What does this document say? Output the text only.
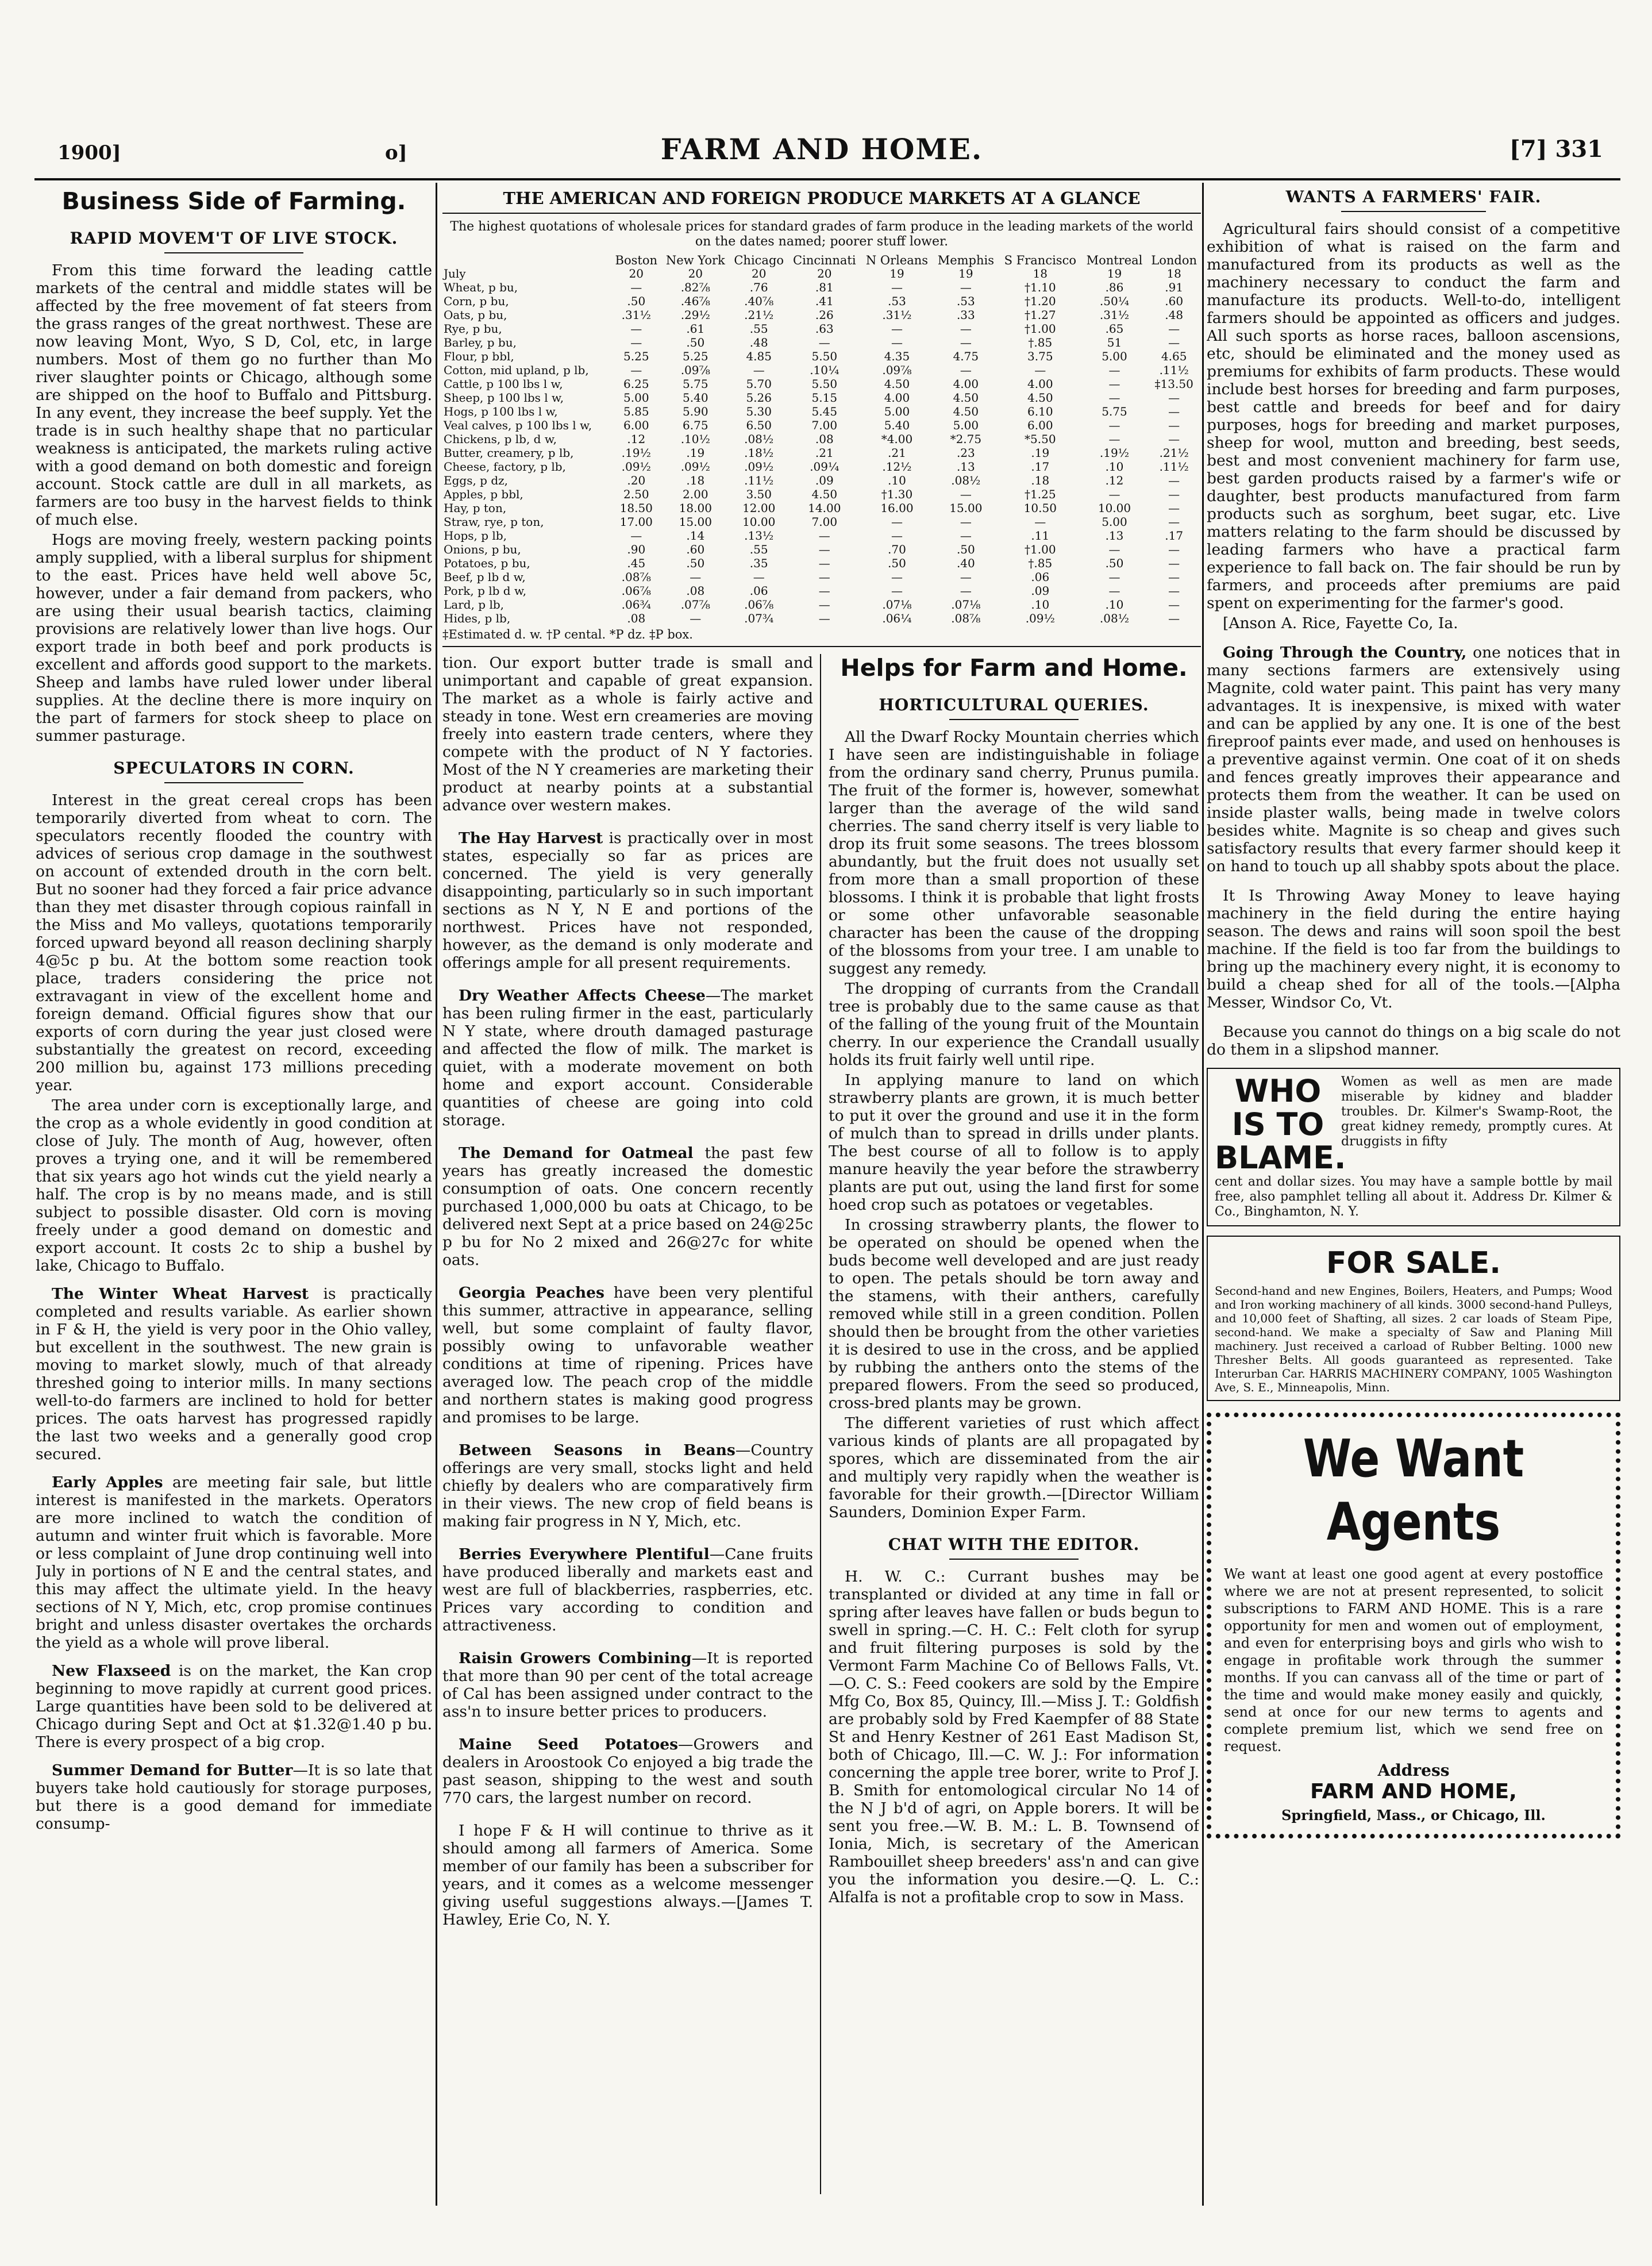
1900]	o]	FARM AND HOME.	[7] 331
Business Side of Farming.
RAPID MOVEM'T OF LIVE STOCK.

From this time forward the leading cattle markets of the central and middle states will be affected by the free movement of fat steers from the grass ranges of the great northwest. These are now leaving Mont, Wyo, S D, Col, etc, in large numbers. Most of them go no further than Mo river slaughter points or Chicago, although some are shipped on the hoof to Buffalo and Pittsburg. In any event, they increase the beef supply. Yet the trade is in such healthy shape that no particular weakness is anticipated, the markets ruling active with a good demand on both domestic and foreign account. Stock cattle are dull in all markets, as farmers are too busy in the harvest fields to think of much else.

Hogs are moving freely, western packing points amply supplied, with a liberal surplus for shipment to the east. Prices have held well above 5c, however, under a fair demand from packers, who are using their usual bearish tactics, claiming provisions are relatively lower than live hogs. Our export trade in both beef and pork products is excellent and affords good support to the markets. Sheep and lambs have ruled lower under liberal supplies. At the decline there is more inquiry on the part of farmers for stock sheep to place on summer pasturage.

SPECULATORS IN CORN.

Interest in the great cereal crops has been temporarily diverted from wheat to corn. The speculators recently flooded the country with advices of serious crop damage in the southwest on account of extended drouth in the corn belt. But no sooner had they forced a fair price advance than they met disaster through copious rainfall in the Miss and Mo valleys, quotations temporarily forced upward beyond all reason declining sharply 4@5c p bu. At the bottom some reaction took place, traders considering the price not extravagant in view of the excellent home and foreign demand. Official figures show that our exports of corn during the year just closed were substantially the greatest on record, exceeding 200 million bu, against 173 millions preceding year.

The area under corn is exceptionally large, and the crop as a whole evidently in good condition at close of July. The month of Aug, however, often proves a trying one, and it will be remembered that six years ago hot winds cut the yield nearly a half. The crop is by no means made, and is still subject to possible disaster. Old corn is moving freely under a good demand on domestic and export account. It costs 2c to ship a bushel by lake, Chicago to Buffalo.

The Winter Wheat Harvest is practically completed and results variable. As earlier shown in F & H, the yield is very poor in the Ohio valley, but excellent in the southwest. The new grain is moving to market slowly, much of that already threshed going to interior mills. In many sections well-to-do farmers are inclined to hold for better prices. The oats harvest has progressed rapidly the last two weeks and a generally good crop secured.

Early Apples are meeting fair sale, but little interest is manifested in the markets. Operators are more inclined to watch the condition of autumn and winter fruit which is favorable. More or less complaint of June drop continuing well into July in portions of N E and the central states, and this may affect the ultimate yield. In the heavy sections of N Y, Mich, etc, crop promise continues bright and unless disaster overtakes the orchards the yield as a whole will prove liberal.

New Flaxseed is on the market, the Kan crop beginning to move rapidly at current good prices. Large quantities have been sold to be delivered at Chicago during Sept and Oct at $1.32@1.40 p bu. There is every prospect of a big crop.

Summer Demand for Butter—It is so late that buyers take hold cautiously for storage purposes, but there is a good demand for immediate consump-

THE AMERICAN AND FOREIGN PRODUCE MARKETS AT A GLANCE
The highest quotations of wholesale prices for standard grades of farm produce in the leading markets of the world on the dates named; poorer stuff lower.
	Boston	New York	Chicago	Cincinnati	N Orleans	Memphis	S Francisco	Montreal	London
July	20	20	20	20	19	19	18	19	18
Wheat, p bu,	—	.82⅞	.76	.81	—	—	†1.10	.86	.91
Corn, p bu,	.50	.46⅞	.40⅞	.41	.53	.53	†1.20	.50¼	.60
Oats, p bu,	.31½	.29½	.21½	.26	.31½	.33	†1.27	.31½	.48
Rye, p bu,	—	.61	.55	.63	—	—	†1.00	.65	—
Barley, p bu,	—	.50	.48	—	—	—	†.85	51	—
Flour, p bbl,	5.25	5.25	4.85	5.50	4.35	4.75	3.75	5.00	4.65
Cotton, mid upland, p lb,	—	.09⅞	—	.10¼	.09⅞	—	—	—	.11½
Cattle, p 100 lbs l w,	6.25	5.75	5.70	5.50	4.50	4.00	4.00	—	‡13.50
Sheep, p 100 lbs l w,	5.00	5.40	5.26	5.15	4.00	4.50	4.50	—	—
Hogs, p 100 lbs l w,	5.85	5.90	5.30	5.45	5.00	4.50	6.10	5.75	—
Veal calves, p 100 lbs l w,	6.00	6.75	6.50	7.00	5.40	5.00	6.00	—	—
Chickens, p lb, d w,	.12	.10½	.08½	.08	*4.00	*2.75	*5.50	—	—
Butter, creamery, p lb,	.19½	.19	.18½	.21	.21	.23	.19	.19½	.21½
Cheese, factory, p lb,	.09½	.09½	.09½	.09¼	.12½	.13	.17	.10	.11½
Eggs, p dz,	.20	.18	.11½	.09	.10	.08½	.18	.12	—
Apples, p bbl,	2.50	2.00	3.50	4.50	†1.30	—	†1.25	—	—
Hay, p ton,	18.50	18.00	12.00	14.00	16.00	15.00	10.50	10.00	—
Straw, rye, p ton,	17.00	15.00	10.00	7.00	—	—	—	5.00	—
Hops, p lb,	—	.14	.13½	—	—	—	.11	.13	.17
Onions, p bu,	.90	.60	.55	—	.70	.50	†1.00	—	—
Potatoes, p bu,	.45	.50	.35	—	.50	.40	†.85	.50	—
Beef, p lb d w,	.08⅞	—	—	—	—	—	.06	—	—
Pork, p lb d w,	.06⅞	.08	.06	—	—	—	.09	—	—
Lard, p lb,	.06¾	.07⅞	.06⅞	—	.07⅛	.07⅛	.10	.10	—
Hides, p lb,	.08	—	.07¾	—	.06¼	.08⅞	.09½	.08½	—
‡Estimated d. w. †P cental. *P dz. ‡P box.

tion. Our export butter trade is small and unimportant and capable of great expansion. The market as a whole is fairly active and steady in tone. West ern creameries are moving freely into eastern trade centers, where they compete with the product of N Y factories. Most of the N Y creameries are marketing their product at nearby points at a substantial advance over western makes.

The Hay Harvest is practically over in most states, especially so far as prices are concerned. The yield is very generally disappointing, particularly so in such important sections as N Y, N E and portions of the northwest. Prices have not responded, however, as the demand is only moderate and offerings ample for all present requirements.

Dry Weather Affects Cheese—The market has been ruling firmer in the east, particularly N Y state, where drouth damaged pasturage and affected the flow of milk. The market is quiet, with a moderate movement on both home and export account. Considerable quantities of cheese are going into cold storage.

The Demand for Oatmeal the past few years has greatly increased the domestic consumption of oats. One concern recently purchased 1,000,000 bu oats at Chicago, to be delivered next Sept at a price based on 24@25c p bu for No 2 mixed and 26@27c for white oats.

Georgia Peaches have been very plentiful this summer, attractive in appearance, selling well, but some complaint of faulty flavor, possibly owing to unfavorable weather conditions at time of ripening. Prices have averaged low. The peach crop of the middle and northern states is making good progress and promises to be large.

Between Seasons in Beans—Country offerings are very small, stocks light and held chiefly by dealers who are comparatively firm in their views. The new crop of field beans is making fair progress in N Y, Mich, etc.

Berries Everywhere Plentiful—Cane fruits have produced liberally and markets east and west are full of blackberries, raspberries, etc. Prices vary according to condition and attractiveness.

Raisin Growers Combining—It is reported that more than 90 per cent of the total acreage of Cal has been assigned under contract to the ass'n to insure better prices to producers.

Maine Seed Potatoes—Growers and dealers in Aroostook Co enjoyed a big trade the past season, shipping to the west and south 770 cars, the largest number on record.

I hope F & H will continue to thrive as it should among all farmers of America. Some member of our family has been a subscriber for years, and it comes as a welcome messenger giving useful suggestions always.—[James T. Hawley, Erie Co, N. Y.

Helps for Farm and Home.
HORTICULTURAL QUERIES.

All the Dwarf Rocky Mountain cherries which I have seen are indistinguishable in foliage from the ordinary sand cherry, Prunus pumila. The fruit of the former is, however, somewhat larger than the average of the wild sand cherries. The sand cherry itself is very liable to drop its fruit some seasons. The trees blossom abundantly, but the fruit does not usually set from more than a small proportion of these blossoms. I think it is probable that light frosts or some other unfavorable seasonable character has been the cause of the dropping of the blossoms from your tree. I am unable to suggest any remedy.

The dropping of currants from the Crandall tree is probably due to the same cause as that of the falling of the young fruit of the Mountain cherry. In our experience the Crandall usually holds its fruit fairly well until ripe.

In applying manure to land on which strawberry plants are grown, it is much better to put it over the ground and use it in the form of mulch than to spread in drills under plants. The best course of all to follow is to apply manure heavily the year before the strawberry plants are put out, using the land first for some hoed crop such as potatoes or vegetables.

In crossing strawberry plants, the flower to be operated on should be opened when the buds become well developed and are just ready to open. The petals should be torn away and the stamens, with their anthers, carefully removed while still in a green condition. Pollen should then be brought from the other varieties it is desired to use in the cross, and be applied by rubbing the anthers onto the stems of the prepared flowers. From the seed so produced, cross-bred plants may be grown.

The different varieties of rust which affect various kinds of plants are all propagated by spores, which are disseminated from the air and multiply very rapidly when the weather is favorable for their growth.—[Director William Saunders, Dominion Exper Farm.

CHAT WITH THE EDITOR.

H. W. C.: Currant bushes may be transplanted or divided at any time in fall or spring after leaves have fallen or buds begun to swell in spring.—C. H. C.: Felt cloth for syrup and fruit filtering purposes is sold by the Vermont Farm Machine Co of Bellows Falls, Vt.—O. C. S.: Feed cookers are sold by the Empire Mfg Co, Box 85, Quincy, Ill.—Miss J. T.: Goldfish are probably sold by Fred Kaempfer of 88 State St and Henry Kestner of 261 East Madison St, both of Chicago, Ill.—C. W. J.: For information concerning the apple tree borer, write to Prof J. B. Smith for entomological circular No 14 of the N J b'd of agri, on Apple borers. It will be sent you free.—W. B. M.: L. B. Townsend of Ionia, Mich, is secretary of the American Rambouillet sheep breeders' ass'n and can give you the information you desire.—Q. L. C.: Alfalfa is not a profitable crop to sow in Mass.

WANTS A FARMERS' FAIR.

Agricultural fairs should consist of a competitive exhibition of what is raised on the farm and manufactured from its products as well as the machinery necessary to conduct the farm and manufacture its products. Well-to-do, intelligent farmers should be appointed as officers and judges. All such sports as horse races, balloon ascensions, etc, should be eliminated and the money used as premiums for exhibits of farm products. These would include best horses for breeding and farm purposes, best cattle and breeds for beef and for dairy purposes, hogs for breeding and market purposes, sheep for wool, mutton and breeding, best seeds, best and most convenient machinery for farm use, best garden products raised by a farmer's wife or daughter, best products manufactured from farm products such as sorghum, beet sugar, etc. Live matters relating to the farm should be discussed by leading farmers who have a practical farm experience to fall back on. The fair should be run by farmers, and proceeds after premiums are paid spent on experimenting for the farmer's good.

[Anson A. Rice, Fayette Co, Ia.

Going Through the Country, one notices that in many sections farmers are extensively using Magnite, cold water paint. This paint has very many advantages. It is inexpensive, is mixed with water and can be applied by any one. It is one of the best fireproof paints ever made, and used on henhouses is a preventive against vermin. One coat of it on sheds and fences greatly improves their appearance and protects them from the weather. It can be used on inside plaster walls, being made in twelve colors besides white. Magnite is so cheap and gives such satisfactory results that every farmer should keep it on hand to touch up all shabby spots about the place.

It Is Throwing Away Money to leave haying machinery in the field during the entire haying season. The dews and rains will soon spoil the best machine. If the field is too far from the buildings to bring up the machinery every night, it is economy to build a cheap shed for all of the tools.—[Alpha Messer, Windsor Co, Vt.

Because you cannot do things on a big scale do not do them in a slipshod manner.

WHO IS TO BLAME.
Women as well as men are made miserable by kidney and bladder troubles. Dr. Kilmer's Swamp-Root, the great kidney remedy, promptly cures. At druggists in fifty
cent and dollar sizes. You may have a sample bottle by mail free, also pamphlet telling all about it. Address Dr. Kilmer & Co., Binghamton, N. Y.
FOR SALE.
Second-hand and new Engines, Boilers, Heaters, and Pumps; Wood and Iron working machinery of all kinds. 3000 second-hand Pulleys, and 10,000 feet of Shafting, all sizes. 2 car loads of Steam Pipe, second-hand. We make a specialty of Saw and Planing Mill machinery. Just received a carload of Rubber Belting. 1000 new Thresher Belts. All goods guaranteed as represented. Take Interurban Car. HARRIS MACHINERY COMPANY, 1005 Washington Ave, S. E., Minneapolis, Minn.
We Want Agents
We want at least one good agent at every postoffice where we are not at present represented, to solicit subscriptions to FARM AND HOME. This is a rare opportunity for men and women out of employment, and even for enterprising boys and girls who wish to engage in profitable work through the summer months. If you can canvass all of the time or part of the time and would make money easily and quickly, send at once for our new terms to agents and complete premium list, which we send free on request.
Address
FARM AND HOME,
Springfield, Mass., or Chicago, Ill.
